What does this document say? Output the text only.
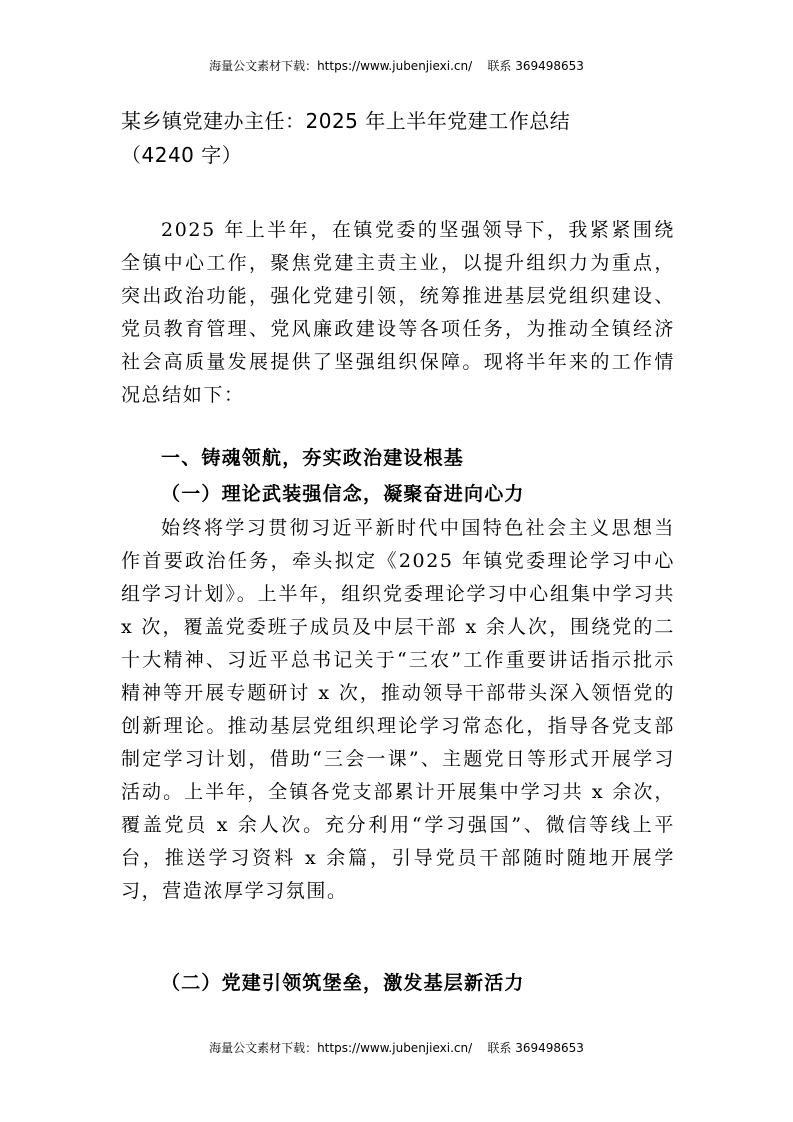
海量公文素材下载：https://www.jubenjiexi.cn/    联系 369498653
某乡镇党建办主任：2025 年上半年党建工作总结（4240 字）

2025 年上半年，在镇党委的坚强领导下，我紧紧围绕全镇中心工作，聚焦党建主责主业，以提升组织力为重点，突出政治功能，强化党建引领，统筹推进基层党组织建设、党员教育管理、党风廉政建设等各项任务，为推动全镇经济社会高质量发展提供了坚强组织保障。现将半年来的工作情况总结如下：

一、铸魂领航，夯实政治建设根基

（一）理论武装强信念，凝聚奋进向心力

始终将学习贯彻习近平新时代中国特色社会主义思想当作首要政治任务，牵头拟定《2025 年镇党委理论学习中心组学习计划》。上半年，组织党委理论学习中心组集中学习共 x 次，覆盖党委班子成员及中层干部 x 余人次，围绕党的二十大精神、习近平总书记关于“三农”工作重要讲话指示批示精神等开展专题研讨 x 次，推动领导干部带头深入领悟党的创新理论。推动基层党组织理论学习常态化，指导各党支部制定学习计划，借助“三会一课”、主题党日等形式开展学习活动。上半年，全镇各党支部累计开展集中学习共 x 余次，覆盖党员 x 余人次。充分利用“学习强国”、微信等线上平台，推送学习资料 x 余篇，引导党员干部随时随地开展学习，营造浓厚学习氛围。

（二）党建引领筑堡垒，激发基层新活力

海量公文素材下载：https://www.jubenjiexi.cn/    联系 369498653
